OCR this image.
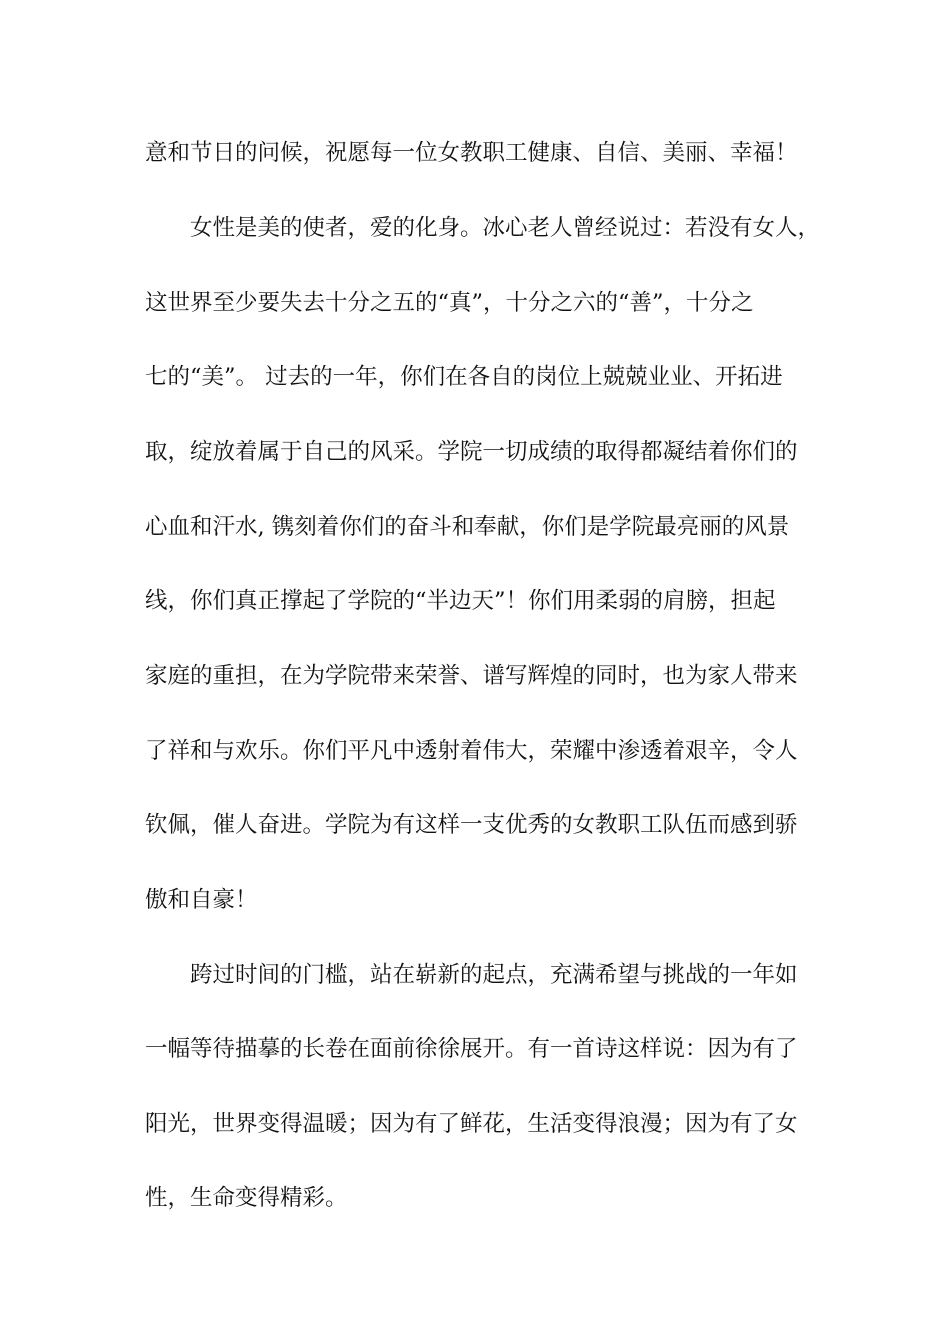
意和节日的问候，祝愿每一位女教职工健康、自信、美丽、幸福！
女性是美的使者，爱的化身。冰心老人曾经说过：若没有女人，
这世界至少要失去十分之五的“真”，十分之六的“善”，十分之
七的“美”。 过去的一年，你们在各自的岗位上兢兢业业、开拓进
取，绽放着属于自己的风采。学院一切成绩的取得都凝结着你们的
心血和汗水, 镌刻着你们的奋斗和奉献，你们是学院最亮丽的风景
线，你们真正撑起了学院的“半边天”！你们用柔弱的肩膀，担起
家庭的重担，在为学院带来荣誉、谱写辉煌的同时，也为家人带来
了祥和与欢乐。你们平凡中透射着伟大，荣耀中渗透着艰辛，令人
钦佩，催人奋进。学院为有这样一支优秀的女教职工队伍而感到骄
傲和自豪！
跨过时间的门槛，站在崭新的起点，充满希望与挑战的一年如
一幅等待描摹的长卷在面前徐徐展开。有一首诗这样说：因为有了
阳光，世界变得温暖；因为有了鲜花，生活变得浪漫；因为有了女
性，生命变得精彩。
